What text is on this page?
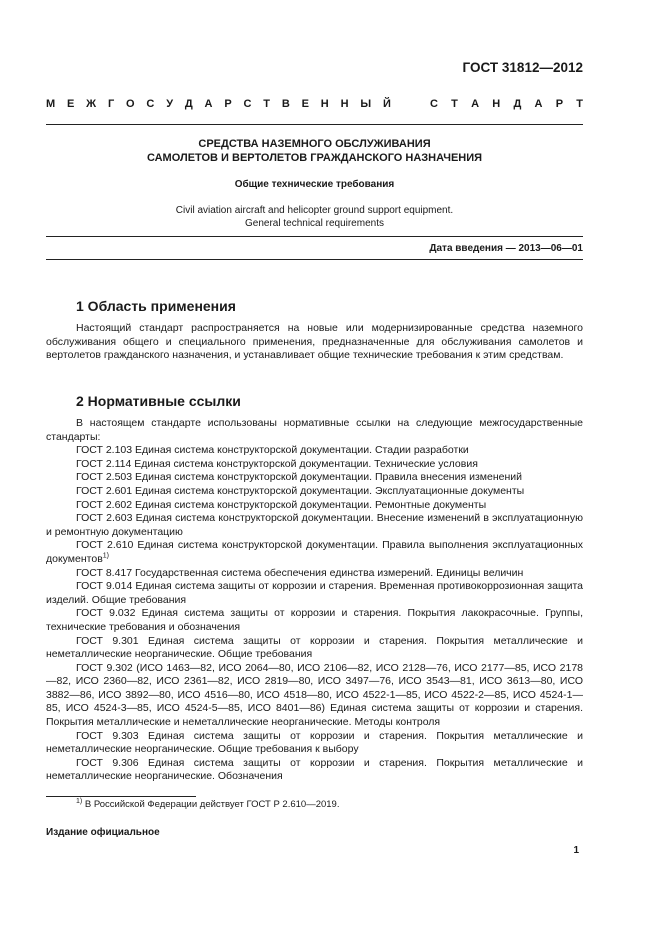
ГОСТ 31812—2012
М Е Ж Г О С У Д А Р С Т В Е Н Н Ы Й	С Т А Н Д А Р Т
СРЕДСТВА НАЗЕМНОГО ОБСЛУЖИВАНИЯ
САМОЛЕТОВ И ВЕРТОЛЕТОВ ГРАЖДАНСКОГО НАЗНАЧЕНИЯ
Общие технические требования
Civil aviation aircraft and helicopter ground support equipment.
General technical requirements
Дата введения — 2013—06—01
1 Область применения

Настоящий стандарт распространяется на новые или модернизированные средства наземного обслуживания общего и специального применения, предназначенные для обслуживания самолетов и вертолетов гражданского назначения, и устанавливает общие технические требования к этим средствам.

2 Нормативные ссылки

В настоящем стандарте использованы нормативные ссылки на следующие межгосударственные стандарты:

ГОСТ 2.103 Единая система конструкторской документации. Стадии разработки

ГОСТ 2.114 Единая система конструкторской документации. Технические условия

ГОСТ 2.503 Единая система конструкторской документации. Правила внесения изменений

ГОСТ 2.601 Единая система конструкторской документации. Эксплуатационные документы

ГОСТ 2.602 Единая система конструкторской документации. Ремонтные документы

ГОСТ 2.603 Единая система конструкторской документации. Внесение изменений в эксплуатационную и ремонтную документацию

ГОСТ 2.610 Единая система конструкторской документации. Правила выполнения эксплуатационных документов$^{1)}$

ГОСТ 8.417 Государственная система обеспечения единства измерений. Единицы величин

ГОСТ 9.014 Единая система защиты от коррозии и старения. Временная противокоррозионная защита изделий. Общие требования

ГОСТ 9.032 Единая система защиты от коррозии и старения. Покрытия лакокрасочные. Группы, технические требования и обозначения

ГОСТ 9.301 Единая система защиты от коррозии и старения. Покрытия металлические и неметаллические неорганические. Общие требования

ГОСТ 9.302 (ИСО 1463—82, ИСО 2064—80, ИСО 2106—82, ИСО 2128—76, ИСО 2177—85, ИСО 2178—82, ИСО 2360—82, ИСО 2361—82, ИСО 2819—80, ИСО 3497—76, ИСО 3543—81, ИСО 3613—80, ИСО 3882—86, ИСО 3892—80, ИСО 4516—80, ИСО 4518—80, ИСО 4522-1—85, ИСО 4522-2—85, ИСО 4524-1—85, ИСО 4524-3—85, ИСО 4524-5—85, ИСО 8401—86) Единая система защиты от коррозии и старения. Покрытия металлические и неметаллические неорганические. Методы контроля

ГОСТ 9.303 Единая система защиты от коррозии и старения. Покрытия металлические и неметаллические неорганические. Общие требования к выбору

ГОСТ 9.306 Единая система защиты от коррозии и старения. Покрытия металлические и неметаллические неорганические. Обозначения

$^{1)}$ В Российской Федерации действует ГОСТ Р 2.610—2019.
Издание официальное
1
